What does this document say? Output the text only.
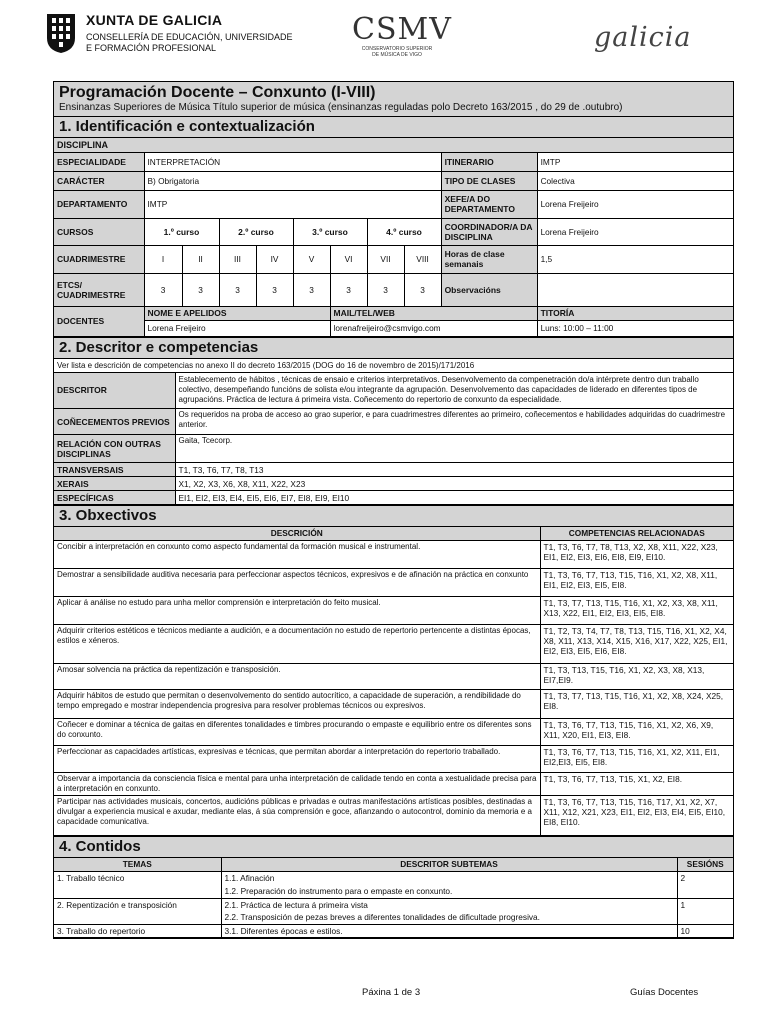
XUNTA DE GALICIA
CONSELLERÍA DE EDUCACIÓN, UNIVERSIDADE
E FORMACIÓN PROFESIONAL
CSMV
CONSERVATORIO SUPERIOR
DE MÚSICA DE VIGO
galicia
Programación Docente – Conxunto (I-VIII)
Ensinanzas Superiores de Música Título superior de música (ensinanzas reguladas polo Decreto 163/2015 , do 29 de .outubro)
1. Identificación e contextualización
DISCIPLINA
ESPECIALIDADE	INTERPRETACIÓN								ITINERARIO	IMTP
CARÁCTER	B) Obrigatoria								TIPO DE CLASES	Colectiva
DEPARTAMENTO	IMTP								XEFE/A DO DEPARTAMENTO	Lorena Freijeiro
CURSOS	1.º curso		2.º curso		3.º curso		4.º curso		COORDINADOR/A DA DISCIPLINA	Lorena Freijeiro
CUADRIMESTRE	I	II	III	IV	V	VI	VII	VIII	Horas de clase semanais	1,5
ETCS/ CUADRIMESTRE	3	3	3	3	3	3	3	3	Observacións	
DOCENTES	NOME E APELIDOS					MAIL/TEL/WEB				TITORÍA
	Lorena Freijeiro					lorenafreijeiro@csmvigo.com				Luns: 10:00 – 11:00
2. Descritor e competencias
Ver lista e descrición de competencias no anexo II do decreto 163/2015 (DOG do 16 de novembro de 2015)/171/2016
DESCRITOR	Establecemento de hábitos , técnicas de ensaio e criterios interpretativos. Desenvolvemento da compenetración do/a intérprete dentro dun traballo colectivo, desempeñando funcións de solista e/ou integrante da agrupación. Desenvolvemento das capacidades de liderado en diferentes tipos de agrupacións. Práctica de lectura á primeira vista. Coñecemento do repertorio de conxunto da especialidade.
COÑECEMENTOS PREVIOS	Os requeridos na proba de acceso ao grao superior, e para cuadrimestres diferentes ao primeiro, coñecementos e habilidades adquiridas do cuadrimestre anterior.
RELACIÓN CON OUTRAS DISCIPLINAS	Gaita, Tcecorp.
TRANSVERSAIS	T1, T3, T6, T7, T8, T13
XERAIS	X1, X2, X3, X6, X8, X11, X22, X23
ESPECÍFICAS	EI1, EI2, EI3, EI4, EI5, EI6, EI7, EI8, EI9, EI10
3. Obxectivos
DESCRICIÓN	COMPETENCIAS RELACIONADAS
Concibir a interpretación en conxunto como aspecto fundamental da formación musical e instrumental.	T1, T3, T6, T7, T8, T13, X2, X8, X11, X22, X23, EI1, EI2, EI3, EI6, EI8, EI9, EI10.
Demostrar a sensibilidade auditiva necesaria para perfeccionar aspectos técnicos, expresivos e de afinación na práctica en conxunto	T1, T3, T6, T7, T13, T15, T16, X1, X2, X8, X11, EI1, EI2, EI3, EI5, EI8.
Aplicar á análise no estudo para unha mellor comprensión e interpretación do feito musical.	T1, T3, T7, T13, T15, T16, X1, X2, X3, X8, X11, X13, X22, EI1, EI2, EI3, EI5, EI8.
Adquirir criterios estéticos e técnicos mediante a audición, e a documentación no estudo de repertorio pertencente a distintas épocas, estilos e xéneros.	T1, T2, T3, T4, T7, T8, T13, T15, T16, X1, X2, X4, X8, X11, X13, X14, X15, X16, X17, X22, X25, EI1, EI2, EI3, EI5, EI6, EI8.
Amosar solvencia na práctica da repentización e transposición.	T1, T3, T13, T15, T16, X1, X2, X3, X8, X13, EI7,EI9.
Adquirir hábitos de estudo que permitan o desenvolvemento do sentido autocrítico, a capacidade de superación, a rendibilidade do tempo empregado e mostrar independencia progresiva para resolver problemas técnicos ou expresivos.	T1, T3, T7, T13, T15, T16, X1, X2, X8, X24, X25, EI8.
Coñecer e dominar a técnica de gaitas en diferentes tonalidades e timbres procurando o empaste e equilibrio entre os diferentes sons do conxunto.	T1, T3, T6, T7, T13, T15, T16, X1, X2, X6, X9, X11, X20, EI1, EI3, EI8.
Perfeccionar as capacidades artísticas, expresivas e técnicas, que permitan abordar a interpretación do repertorio traballado.	T1, T3, T6, T7, T13, T15, T16, X1, X2, X11, EI1, EI2,EI3, EI5, EI8.
Observar a importancia da consciencia física e mental para unha interpretación de calidade tendo en conta a xestualidade precisa para a interpretación en conxunto.	T1, T3, T6, T7, T13, T15, X1, X2, EI8.
Participar nas actividades musicais, concertos, audicións públicas e privadas e outras manifestacións artísticas posibles, destinadas a divulgar a experiencia musical e axudar, mediante elas, á súa comprensión e goce, afianzando o autocontrol, dominio da memoria e a capacidade comunicativa.	T1, T3, T6, T7, T13, T15, T16, T17, X1, X2, X7, X11, X12, X21, X23, EI1, EI2, EI3, EI4, EI5, EI10, EI8, EI10.
4. Contidos
TEMAS	DESCRITOR SUBTEMAS	SESIÓNS
1. Traballo técnico	1.1. Afinación	2
	1.2. Preparación do instrumento para o empaste en conxunto.	
2. Repentización e transposición	2.1. Práctica de lectura á primeira vista	1
	2.2. Transposición de pezas breves a diferentes tonalidades de dificultade progresiva.	
3. Traballo do repertorio	3.1. Diferentes épocas e estilos.	10
Páxina 1 de 3	Guías Docentes
